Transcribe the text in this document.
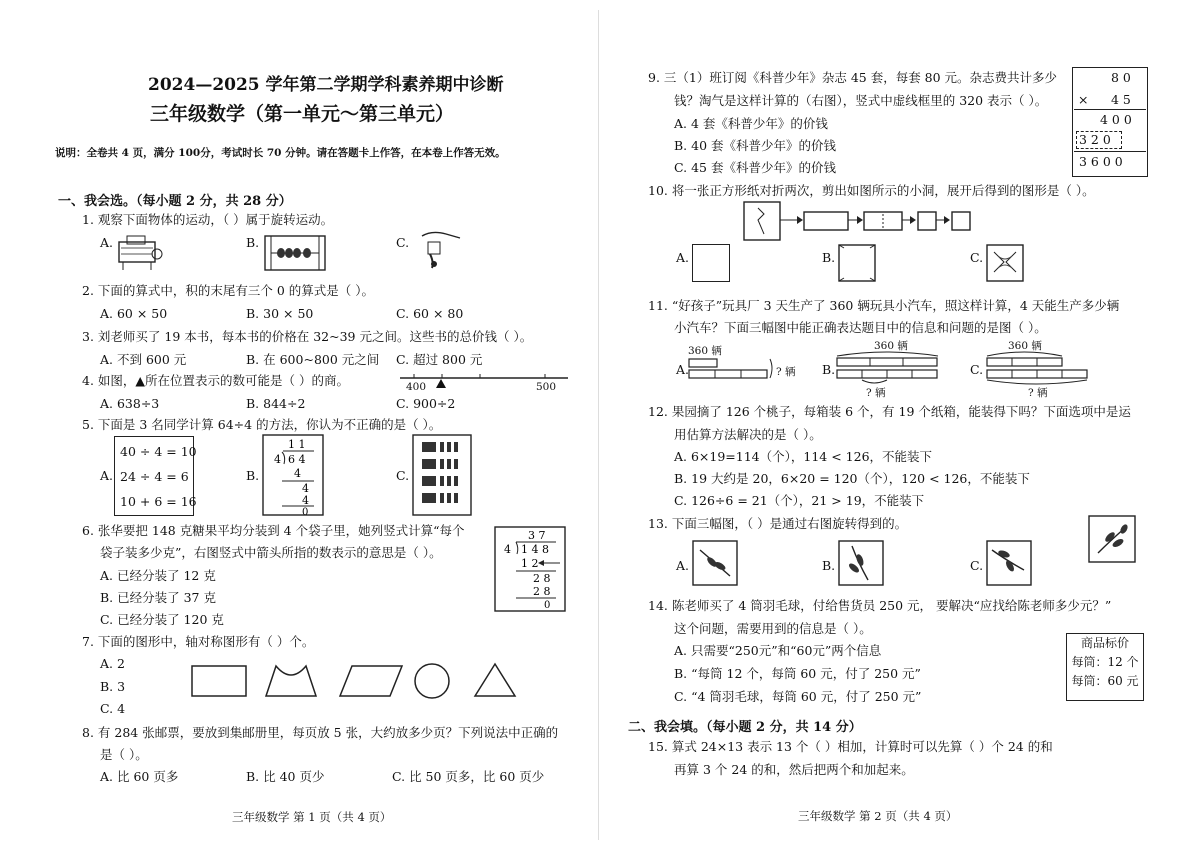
2024—2025 学年第二学期学科素养期中诊断
三年级数学（第一单元～第三单元）
说明：全卷共 4 页，满分 100分，考试时长 70 分钟。请在答题卡上作答，在本卷上作答无效。
一、我会选。（每小题 2 分，共 28 分）
1. 观察下面物体的运动，（ ）属于旋转运动。
A.	B.	C.
2. 下面的算式中，积的末尾有三个 0 的算式是（ ）。
A. 60 × 50	B. 30 × 50	C. 60 × 80
3. 刘老师买了 19 本书，每本书的价格在 32~39 元之间。这些书的总价钱（ ）。
A. 不到 600 元	B. 在 600~800 元之间 C. 超过 800 元
4. 如图，▲所在位置表示的数可能是（ ）的商。	400	500
A. 638÷3	B. 844÷2	C. 900÷2
5. 下面是 3 名同学计算 64÷4 的方法，你认为不正确的是（ ）。
A.
40 ÷ 4 = 10
24 ÷ 4 = 6
10 + 6 = 16
B.
1 1
4 6 4
4
4
4
0
C.
6. 张华要把 148 克糖果平均分装到 4 个袋子里，她列竖式计算“每个
袋子装多少克”，右图竖式中箭头所指的数表示的意思是（ ）。
A. 已经分装了 12 克
B. 已经分装了 37 克
C. 已经分装了 120 克
3 7
4 1 4 8
1 2
2 8
2 8
0
7. 下面的图形中，轴对称图形有（ ）个。
A. 2
B. 3
C. 4
8. 有 284 张邮票，要放到集邮册里，每页放 5 张，大约放多少页？下列说法中正确的
是（ ）。
A. 比 60 页多	B. 比 40 页少	C. 比 50 页多，比 60 页少
三年级数学 第 1 页（共 4 页）
9. 三（1）班订阅《科普少年》杂志 45 套，每套 80 元。杂志费共计多少
钱？淘气是这样计算的（右图），竖式中虚线框里的 320 表示（ ）。
A. 4 套《科普少年》的价钱
B. 40 套《科普少年》的价钱
C. 45 套《科普少年》的价钱
8 0
× 4 5
4 0 0
3 2 0
3 6 0 0
10. 将一张正方形纸对折两次，剪出如图所示的小洞，展开后得到的图形是（ ）。
A.	B.	C.
11. “好孩子”玩具厂 3 天生产了 360 辆玩具小汽车，照这样计算，4 天能生产多少辆
小汽车？下面三幅图中能正确表达题目中的信息和问题的是图（ ）。
A.
360 辆
? 辆 B.
360 辆
? 辆
C.
360 辆
? 辆
12. 果园摘了 126 个桃子，每箱装 6 个，有 19 个纸箱，能装得下吗？下面选项中是运
用估算方法解决的是（ ）。
A. 6×19=114（个），114 < 126，不能装下
B. 19 大约是 20，6×20 = 120（个），120 < 126，不能装下
C. 126÷6 = 21（个），21 > 19，不能装下
13. 下面三幅图，（ ）是通过右图旋转得到的。
A.	B.	C.
14. 陈老师买了 4 筒羽毛球，付给售货员 250 元， 要解决“应找给陈老师多少元？”
这个问题，需要用到的信息是（ ）。
A. 只需要“250元”和“60元”两个信息
B. “每筒 12 个，每筒 60 元，付了 250 元”
C. “4 筒羽毛球，每筒 60 元，付了 250 元”
商品标价
每筒：12 个
每筒：60 元
二、我会填。（每小题 2 分，共 14 分）
15. 算式 24×13 表示 13 个（ ）相加，计算时可以先算（ ）个 24 的和
再算 3 个 24 的和，然后把两个和加起来。
三年级数学 第 2 页（共 4 页）
